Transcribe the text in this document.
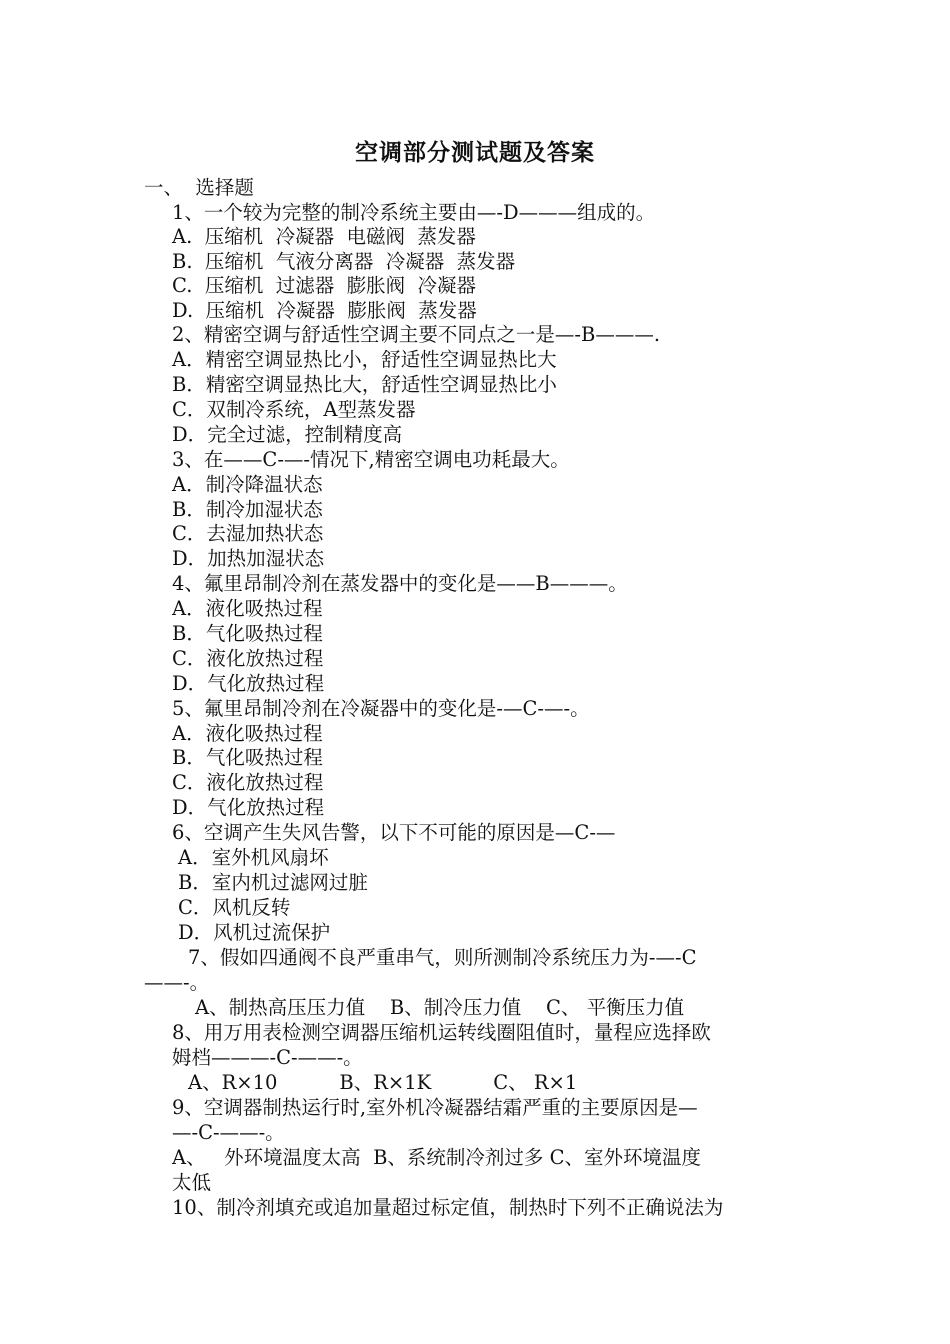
空调部分测试题及答案
一、  选择题
1、一个较为完整的制冷系统主要由—-D———组成的。
A.  压缩机  冷凝器  电磁阀  蒸发器
B.  压缩机  气液分离器  冷凝器  蒸发器
C.  压缩机  过滤器  膨胀阀  冷凝器
D.  压缩机  冷凝器  膨胀阀  蒸发器
2、精密空调与舒适性空调主要不同点之一是—-B———.
A．精密空调显热比小，舒适性空调显热比大
B．精密空调显热比大，舒适性空调显热比小
C．双制冷系统，A型蒸发器
D．完全过滤，控制精度高
3、在——C-—-情况下,精密空调电功耗最大。
A．制冷降温状态
B．制冷加湿状态
C．去湿加热状态
D．加热加湿状态
4、氟里昂制冷剂在蒸发器中的变化是——B———。
A．液化吸热过程
B．气化吸热过程
C．液化放热过程
D．气化放热过程
5、氟里昂制冷剂在冷凝器中的变化是-—C-—-。
A．液化吸热过程
B．气化吸热过程
C．液化放热过程
D．气化放热过程
6、空调产生失风告警，以下不可能的原因是—C-—
A．室外机风扇坏
B．室内机过滤网过脏
C．风机反转
D．风机过流保护
7、假如四通阀不良严重串气，则所测制冷系统压力为-—-C
——-。
A、制热高压压力值    B、制冷压力值    C、 平衡压力值
8、用万用表检测空调器压缩机运转线圈阻值时，量程应选择欧
姆档———-C-——-。
A、R×10          B、R×1K          C、 R×1
9、空调器制热运行时,室外机冷凝器结霜严重的主要原因是—
—-C-——-。
A、   外环境温度太高  B、系统制冷剂过多 C、室外环境温度
太低
10、制冷剂填充或追加量超过标定值，制热时下列不正确说法为
